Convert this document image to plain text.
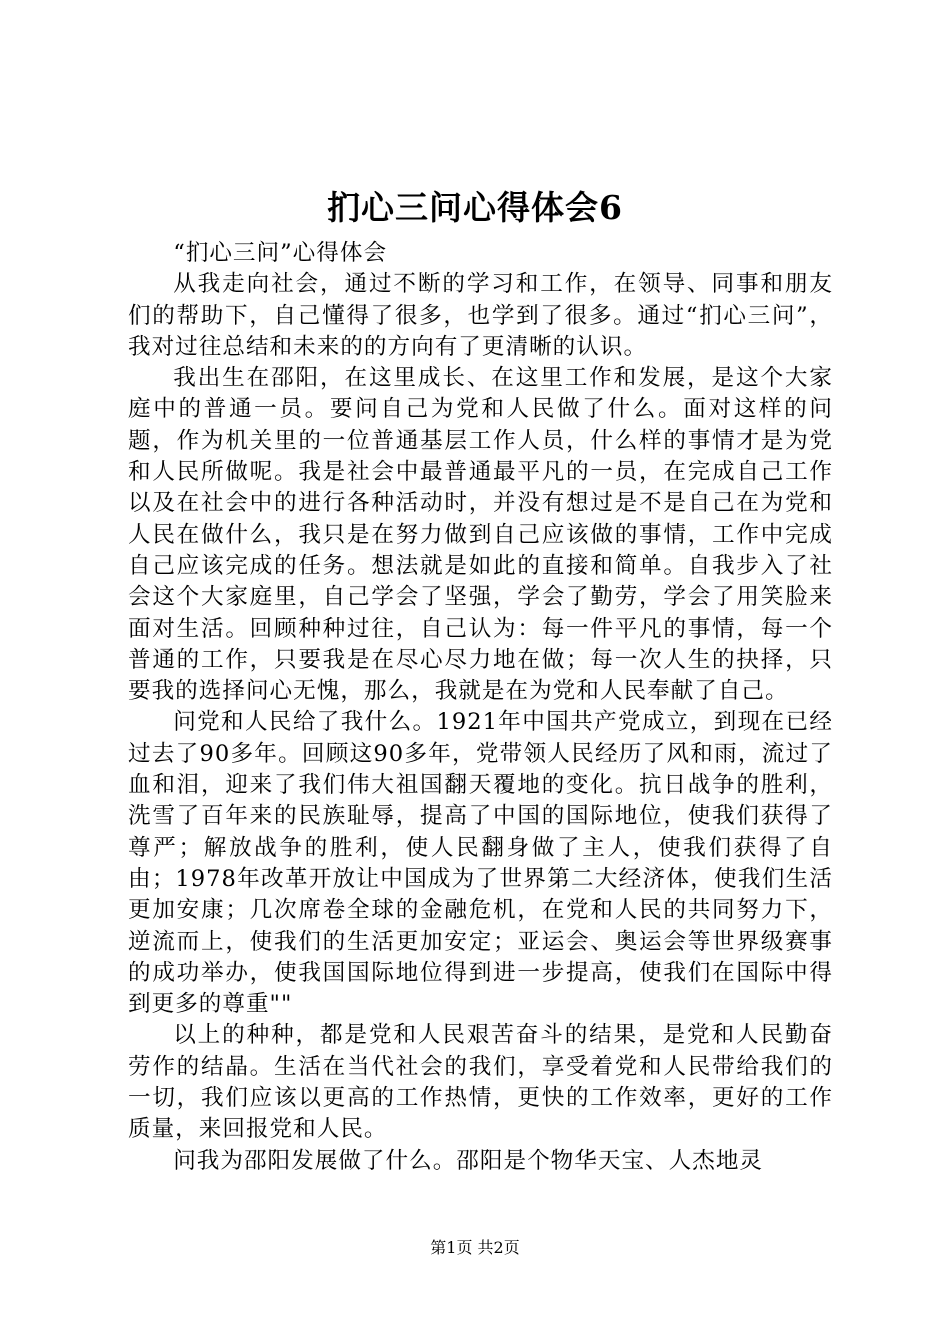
扪心三问心得体会6

“扪心三问”心得体会

从我走向社会，通过不断的学习和工作，在领导、同事和朋友们的帮助下，自己懂得了很多，也学到了很多。通过“扪心三问”，我对过往总结和未来的的方向有了更清晰的认识。

我出生在邵阳，在这里成长、在这里工作和发展，是这个大家庭中的普通一员。要问自己为党和人民做了什么。面对这样的问题，作为机关里的一位普通基层工作人员，什么样的事情才是为党和人民所做呢。我是社会中最普通最平凡的一员，在完成自己工作以及在社会中的进行各种活动时，并没有想过是不是自己在为党和人民在做什么，我只是在努力做到自己应该做的事情，工作中完成自己应该完成的任务。想法就是如此的直接和简单。自我步入了社会这个大家庭里，自己学会了坚强，学会了勤劳，学会了用笑脸来面对生活。回顾种种过往，自己认为：每一件平凡的事情，每一个普通的工作，只要我是在尽心尽力地在做；每一次人生的抉择，只要我的选择问心无愧，那么，我就是在为党和人民奉献了自己。

问党和人民给了我什么。1921年中国共产党成立，到现在已经过去了90多年。回顾这90多年，党带领人民经历了风和雨，流过了血和泪，迎来了我们伟大祖国翻天覆地的变化。抗日战争的胜利，洗雪了百年来的民族耻辱，提高了中国的国际地位，使我们获得了尊严；解放战争的胜利，使人民翻身做了主人，使我们获得了自由；1978年改革开放让中国成为了世界第二大经济体，使我们生活更加安康；几次席卷全球的金融危机，在党和人民的共同努力下，逆流而上，使我们的生活更加安定；亚运会、奥运会等世界级赛事的成功举办，使我国国际地位得到进一步提高，使我们在国际中得到更多的尊重""

以上的种种，都是党和人民艰苦奋斗的结果，是党和人民勤奋劳作的结晶。生活在当代社会的我们，享受着党和人民带给我们的一切，我们应该以更高的工作热情，更快的工作效率，更好的工作质量，来回报党和人民。

问我为邵阳发展做了什么。邵阳是个物华天宝、人杰地灵

第1页 共2页
